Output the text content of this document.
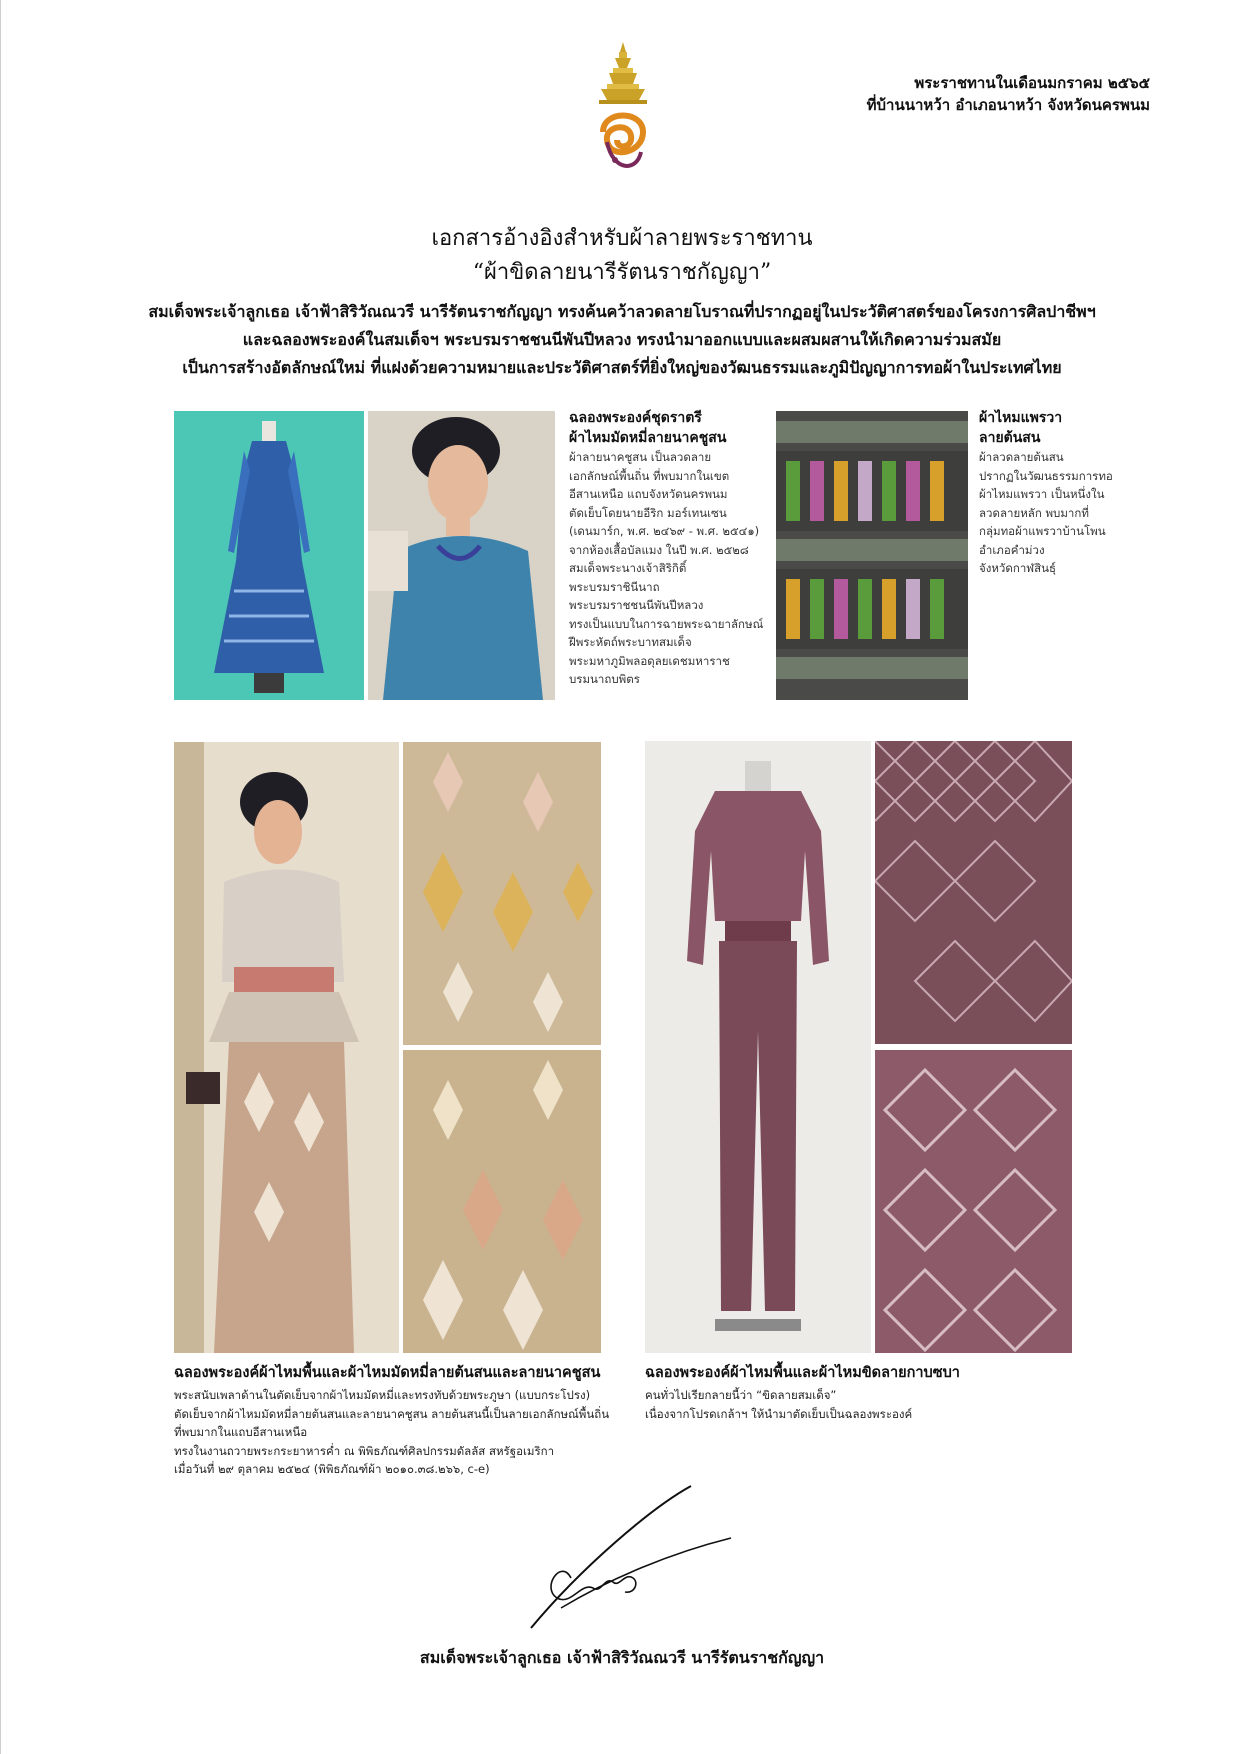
พระราชทานในเดือนมกราคม ๒๕๖๕
ที่บ้านนาหว้า อำเภอนาหว้า จังหวัดนครพนม
เอกสารอ้างอิงสำหรับผ้าลายพระราชทาน
“ผ้าขิดลายนารีรัตนราชกัญญา”
สมเด็จพระเจ้าลูกเธอ เจ้าฟ้าสิริวัณณวรี นารีรัตนราชกัญญา ทรงค้นคว้าลวดลายโบราณที่ปรากฏอยู่ในประวัติศาสตร์ของโครงการศิลปาชีพฯ
และฉลองพระองค์ในสมเด็จฯ พระบรมราชชนนีพันปีหลวง ทรงนำมาออกแบบและผสมผสานให้เกิดความร่วมสมัย
เป็นการสร้างอัตลักษณ์ใหม่ ที่แฝงด้วยความหมายและประวัติศาสตร์ที่ยิ่งใหญ่ของวัฒนธรรมและภูมิปัญญาการทอผ้าในประเทศไทย
ฉลองพระองค์ชุดราตรี
ผ้าไหมมัดหมี่ลายนาคชูสน
ผ้าลายนาคชูสน เป็นลวดลาย
เอกลักษณ์พื้นถิ่น ที่พบมากในเขต
อีสานเหนือ แถบจังหวัดนครพนม
ตัดเย็บโดยนายอีริก มอร์เทนเซน
(เดนมาร์ก, พ.ศ. ๒๔๖๙ - พ.ศ. ๒๕๔๑)
จากห้องเสื้อบัลแมง ในปี พ.ศ. ๒๕๒๘
สมเด็จพระนางเจ้าสิริกิติ์
พระบรมราชินีนาถ
พระบรมราชชนนีพันปีหลวง
ทรงเป็นแบบในการฉายพระฉายาลักษณ์
ฝีพระหัตถ์พระบาทสมเด็จ
พระมหาภูมิพลอดุลยเดชมหาราช
บรมนาถบพิตร
ผ้าไหมแพรวา
ลายต้นสน
ผ้าลวดลายต้นสน
ปรากฏในวัฒนธรรมการทอ
ผ้าไหมแพรวา เป็นหนึ่งใน
ลวดลายหลัก พบมากที่
กลุ่มทอผ้าแพรวาบ้านโพน
อำเภอคำม่วง
จังหวัดกาฬสินธุ์
ฉลองพระองค์ผ้าไหมพื้นและผ้าไหมมัดหมี่ลายต้นสนและลายนาคชูสน
พระสนับเพลาด้านในตัดเย็บจากผ้าไหมมัดหมี่และทรงทับด้วยพระภูษา (แบบกระโปรง)
ตัดเย็บจากผ้าไหมมัดหมี่ลายต้นสนและลายนาคชูสน ลายต้นสนนี้เป็นลายเอกลักษณ์พื้นถิ่น
ที่พบมากในแถบอีสานเหนือ
ทรงในงานถวายพระกระยาหารค่ำ ณ พิพิธภัณฑ์ศิลปกรรมดัลลัส สหรัฐอเมริกา
เมื่อวันที่ ๒๙ ตุลาคม ๒๕๒๔ (พิพิธภัณฑ์ผ้า ๒๐๑๐.๓๘.๒๖๖, c-e)
ฉลองพระองค์ผ้าไหมพื้นและผ้าไหมขิดลายกาบซบา
คนทั่วไปเรียกลายนี้ว่า “ขิดลายสมเด็จ”
เนื่องจากโปรดเกล้าฯ ให้นำมาตัดเย็บเป็นฉลองพระองค์
สมเด็จพระเจ้าลูกเธอ เจ้าฟ้าสิริวัณณวรี นารีรัตนราชกัญญา
